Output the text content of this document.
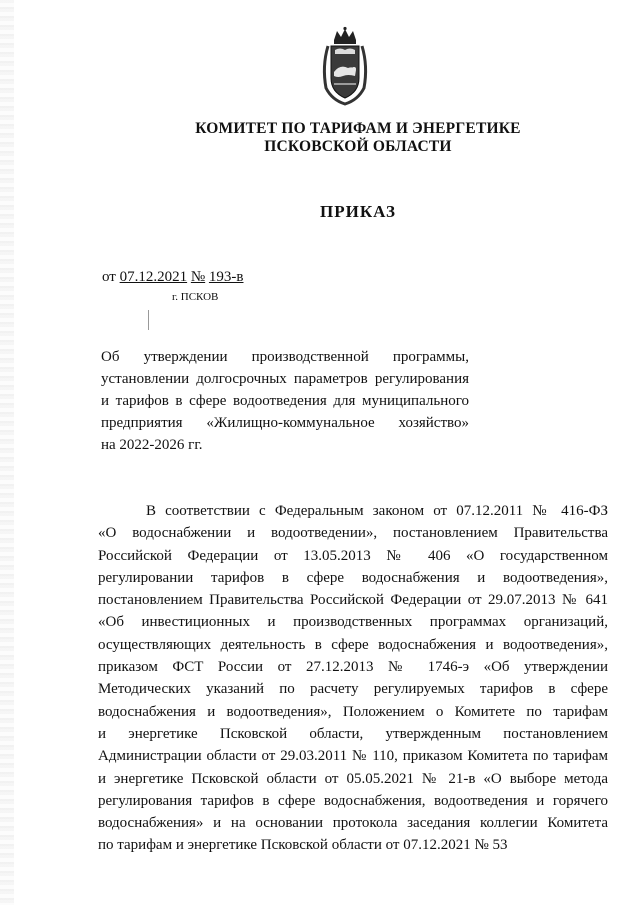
КОМИТЕТ ПО ТАРИФАМ И ЭНЕРГЕТИКЕ
ПСКОВСКОЙ ОБЛАСТИ
ПРИКАЗ
от 07.12.2021 № 193-в
г. ПСКОВ
Об утверждении производственной программы,
установлении долгосрочных параметров регулирования
и тарифов в сфере водоотведения для муниципального
предприятия «Жилищно-коммунальное хозяйство»
на 2022-2026 гг.
В соответствии с Федеральным законом от 07.12.2011 № 416-ФЗ
«О водоснабжении и водоотведении», постановлением Правительства
Российской Федерации от 13.05.2013 № 406 «О государственном
регулировании тарифов в сфере водоснабжения и водоотведения»,
постановлением Правительства Российской Федерации от 29.07.2013 № 641
«Об инвестиционных и производственных программах организаций,
осуществляющих деятельность в сфере водоснабжения и водоотведения»,
приказом ФСТ России от 27.12.2013 № 1746-э «Об утверждении
Методических указаний по расчету регулируемых тарифов в сфере
водоснабжения и водоотведения», Положением о Комитете по тарифам
и энергетике Псковской области, утвержденным постановлением
Администрации области от 29.03.2011 № 110, приказом Комитета по тарифам
и энергетике Псковской области от 05.05.2021 № 21-в «О выборе метода
регулирования тарифов в сфере водоснабжения, водоотведения и горячего
водоснабжения» и на основании протокола заседания коллегии Комитета
по тарифам и энергетике Псковской области от 07.12.2021 № 53
